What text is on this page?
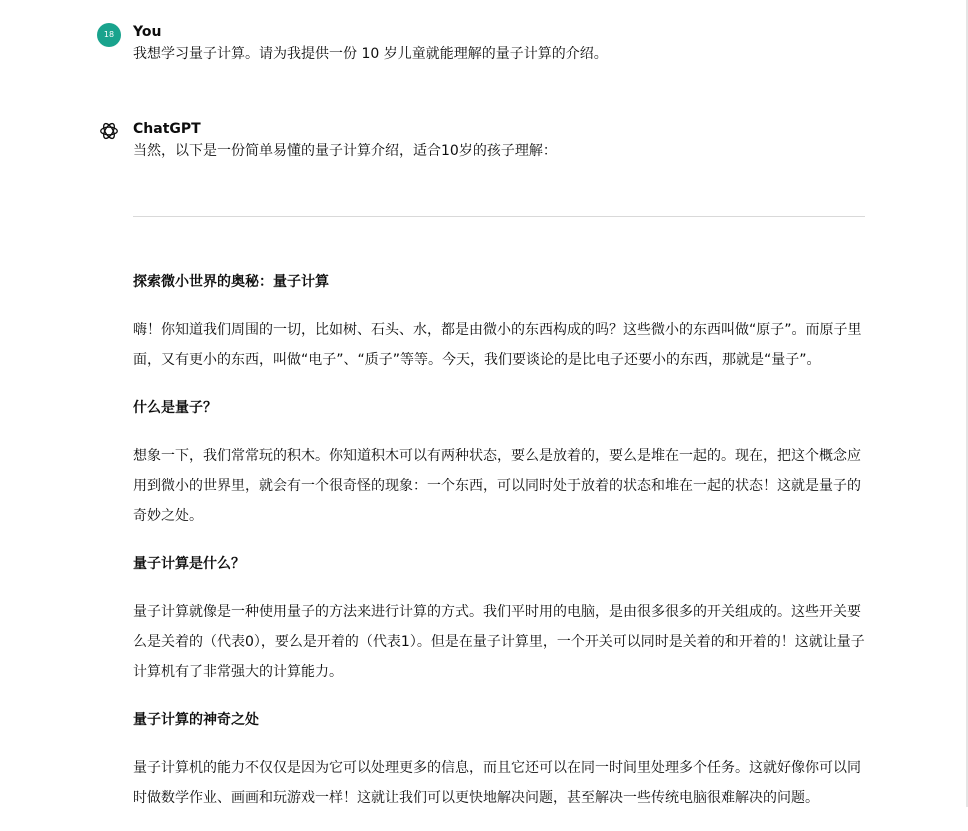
18	You
我想学习量子计算。请为我提供一份 10 岁儿童就能理解的量子计算的介绍。
ChatGPT
当然，以下是一份简单易懂的量子计算介绍，适合10岁的孩子理解：
探索微小世界的奥秘：量子计算
嗨！你知道我们周围的一切，比如树、石头、水，都是由微小的东西构成的吗？这些微小的东西叫做“原子”。而原子里面，又有更小的东西，叫做“电子”、“质子”等等。今天，我们要谈论的是比电子还要小的东西，那就是“量子”。
什么是量子？
想象一下，我们常常玩的积木。你知道积木可以有两种状态，要么是放着的，要么是堆在一起的。现在，把这个概念应用到微小的世界里，就会有一个很奇怪的现象：一个东西，可以同时处于放着的状态和堆在一起的状态！这就是量子的奇妙之处。
量子计算是什么？
量子计算就像是一种使用量子的方法来进行计算的方式。我们平时用的电脑，是由很多很多的开关组成的。这些开关要么是关着的（代表0），要么是开着的（代表1）。但是在量子计算里，一个开关可以同时是关着的和开着的！这就让量子计算机有了非常强大的计算能力。
量子计算的神奇之处
量子计算机的能力不仅仅是因为它可以处理更多的信息，而且它还可以在同一时间里处理多个任务。这就好像你可以同时做数学作业、画画和玩游戏一样！这就让我们可以更快地解决问题，甚至解决一些传统电脑很难解决的问题。
